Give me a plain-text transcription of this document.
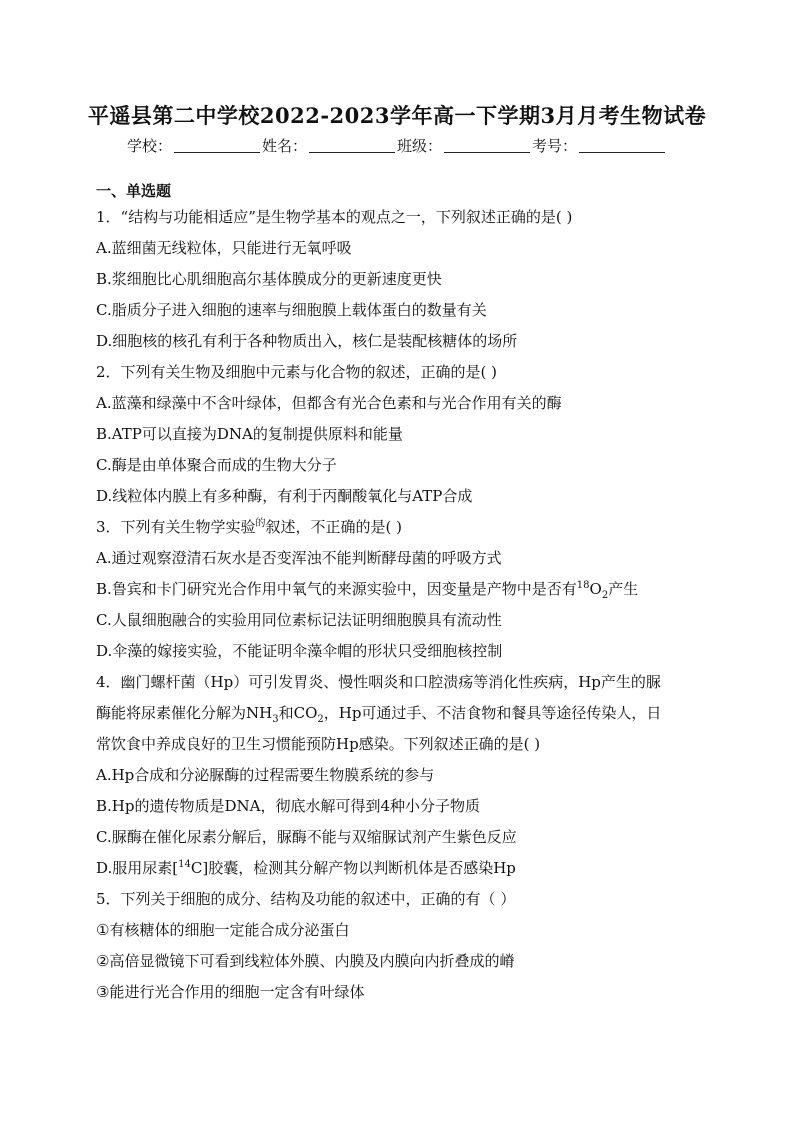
平遥县第二中学校2022-2023学年高一下学期3月月考生物试卷
学校：	姓名：	班级：	考号：
一、单选题
1．“结构与功能相适应”是生物学基本的观点之一，下列叙述正确的是( )
A.蓝细菌无线粒体，只能进行无氧呼吸
B.浆细胞比心肌细胞高尔基体膜成分的更新速度更快
C.脂质分子进入细胞的速率与细胞膜上载体蛋白的数量有关
D.细胞核的核孔有利于各种物质出入，核仁是装配核糖体的场所
2．下列有关生物及细胞中元素与化合物的叙述，正确的是( )
A.蓝藻和绿藻中不含叶绿体，但都含有光合色素和与光合作用有关的酶
B.ATP可以直接为DNA的复制提供原料和能量
C.酶是由单体聚合而成的生物大分子
D.线粒体内膜上有多种酶，有利于丙酮酸氧化与ATP合成
3．下列有关生物学实验$^的$叙述，不正确的是( )
A.通过观察澄清石灰水是否变浑浊不能判断酵母菌的呼吸方式
B.鲁宾和卡门研究光合作用中氧气的来源实验中，因变量是产物中是否有$^{18}O_2$产生
C.人鼠细胞融合的实验用同位素标记法证明细胞膜具有流动性
D.伞藻的嫁接实验，不能证明伞藻伞帽的形状只受细胞核控制
4．幽门螺杆菌（Hp）可引发胃炎、慢性咽炎和口腔溃疡等消化性疾病，Hp产生的脲
酶能将尿素催化分解为$NH_3$和$CO_2$，Hp可通过手、不洁食物和餐具等途径传染人，日
常饮食中养成良好的卫生习惯能预防Hp感染。下列叙述正确的是( )
A.Hp合成和分泌脲酶的过程需要生物膜系统的参与
B.Hp的遗传物质是DNA，彻底水解可得到4种小分子物质
C.脲酶在催化尿素分解后，脲酶不能与双缩脲试剂产生紫色反应
D.服用尿素[$^{14}$C]胶囊，检测其分解产物以判断机体是否感染Hp
5．下列关于细胞的成分、结构及功能的叙述中，正确的有（ ）
①有核糖体的细胞一定能合成分泌蛋白
②高倍显微镜下可看到线粒体外膜、内膜及内膜向内折叠成的嵴
③能进行光合作用的细胞一定含有叶绿体
